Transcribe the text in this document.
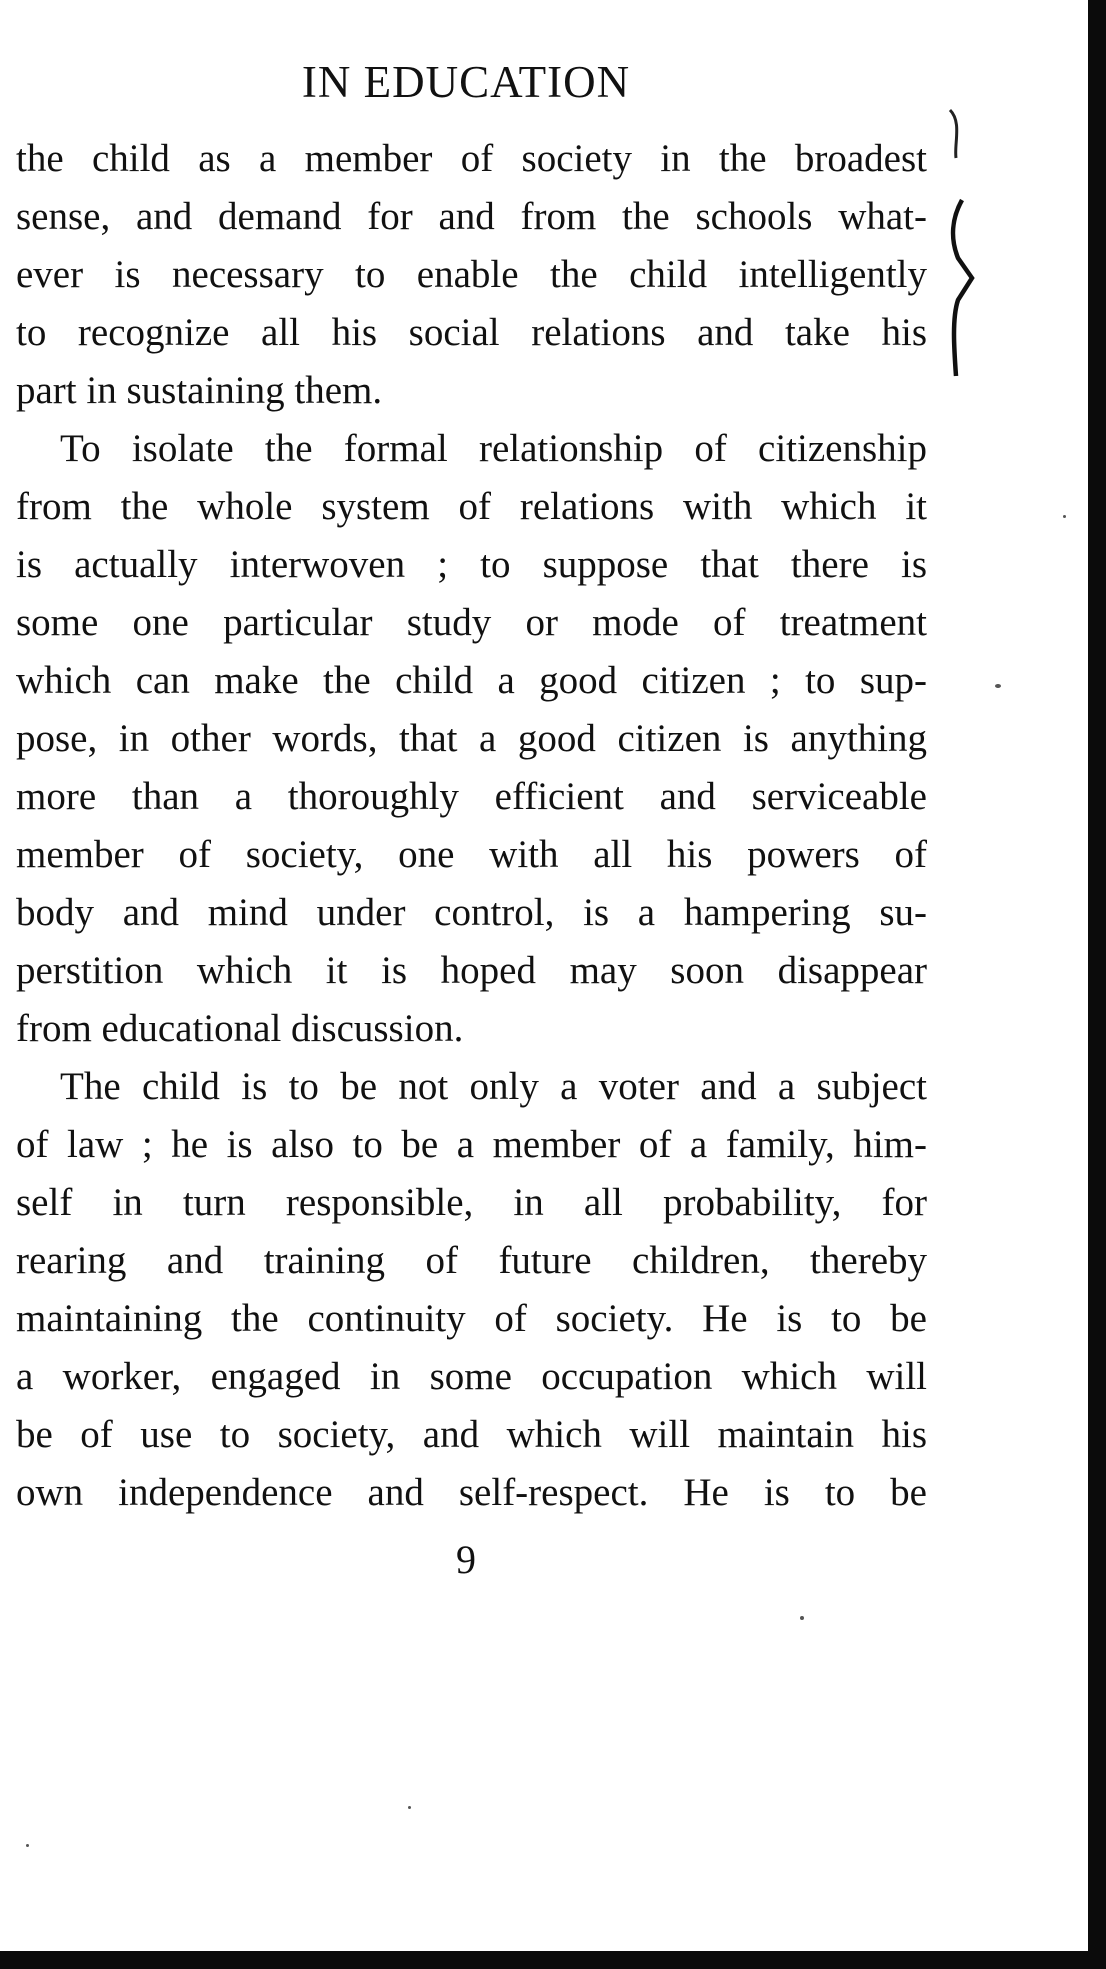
IN EDUCATION

the child as a member of society in the broadest
sense, and demand for and from the schools what-
ever is necessary to enable the child intelligently
to recognize all his social relations and take his
part in sustaining them.

To isolate the formal relationship of citizenship
from the whole system of relations with which it
is actually interwoven ; to suppose that there is
some one particular study or mode of treatment
which can make the child a good citizen ; to sup-
pose, in other words, that a good citizen is anything
more than a thoroughly efficient and serviceable
member of society, one with all his powers of
body and mind under control, is a hampering su-
perstition which it is hoped may soon disappear
from educational discussion.

The child is to be not only a voter and a subject
of law ; he is also to be a member of a family, him-
self in turn responsible, in all probability, for
rearing and training of future children, thereby
maintaining the continuity of society. He is to be
a worker, engaged in some occupation which will
be of use to society, and which will maintain his
own independence and self-respect. He is to be

9
